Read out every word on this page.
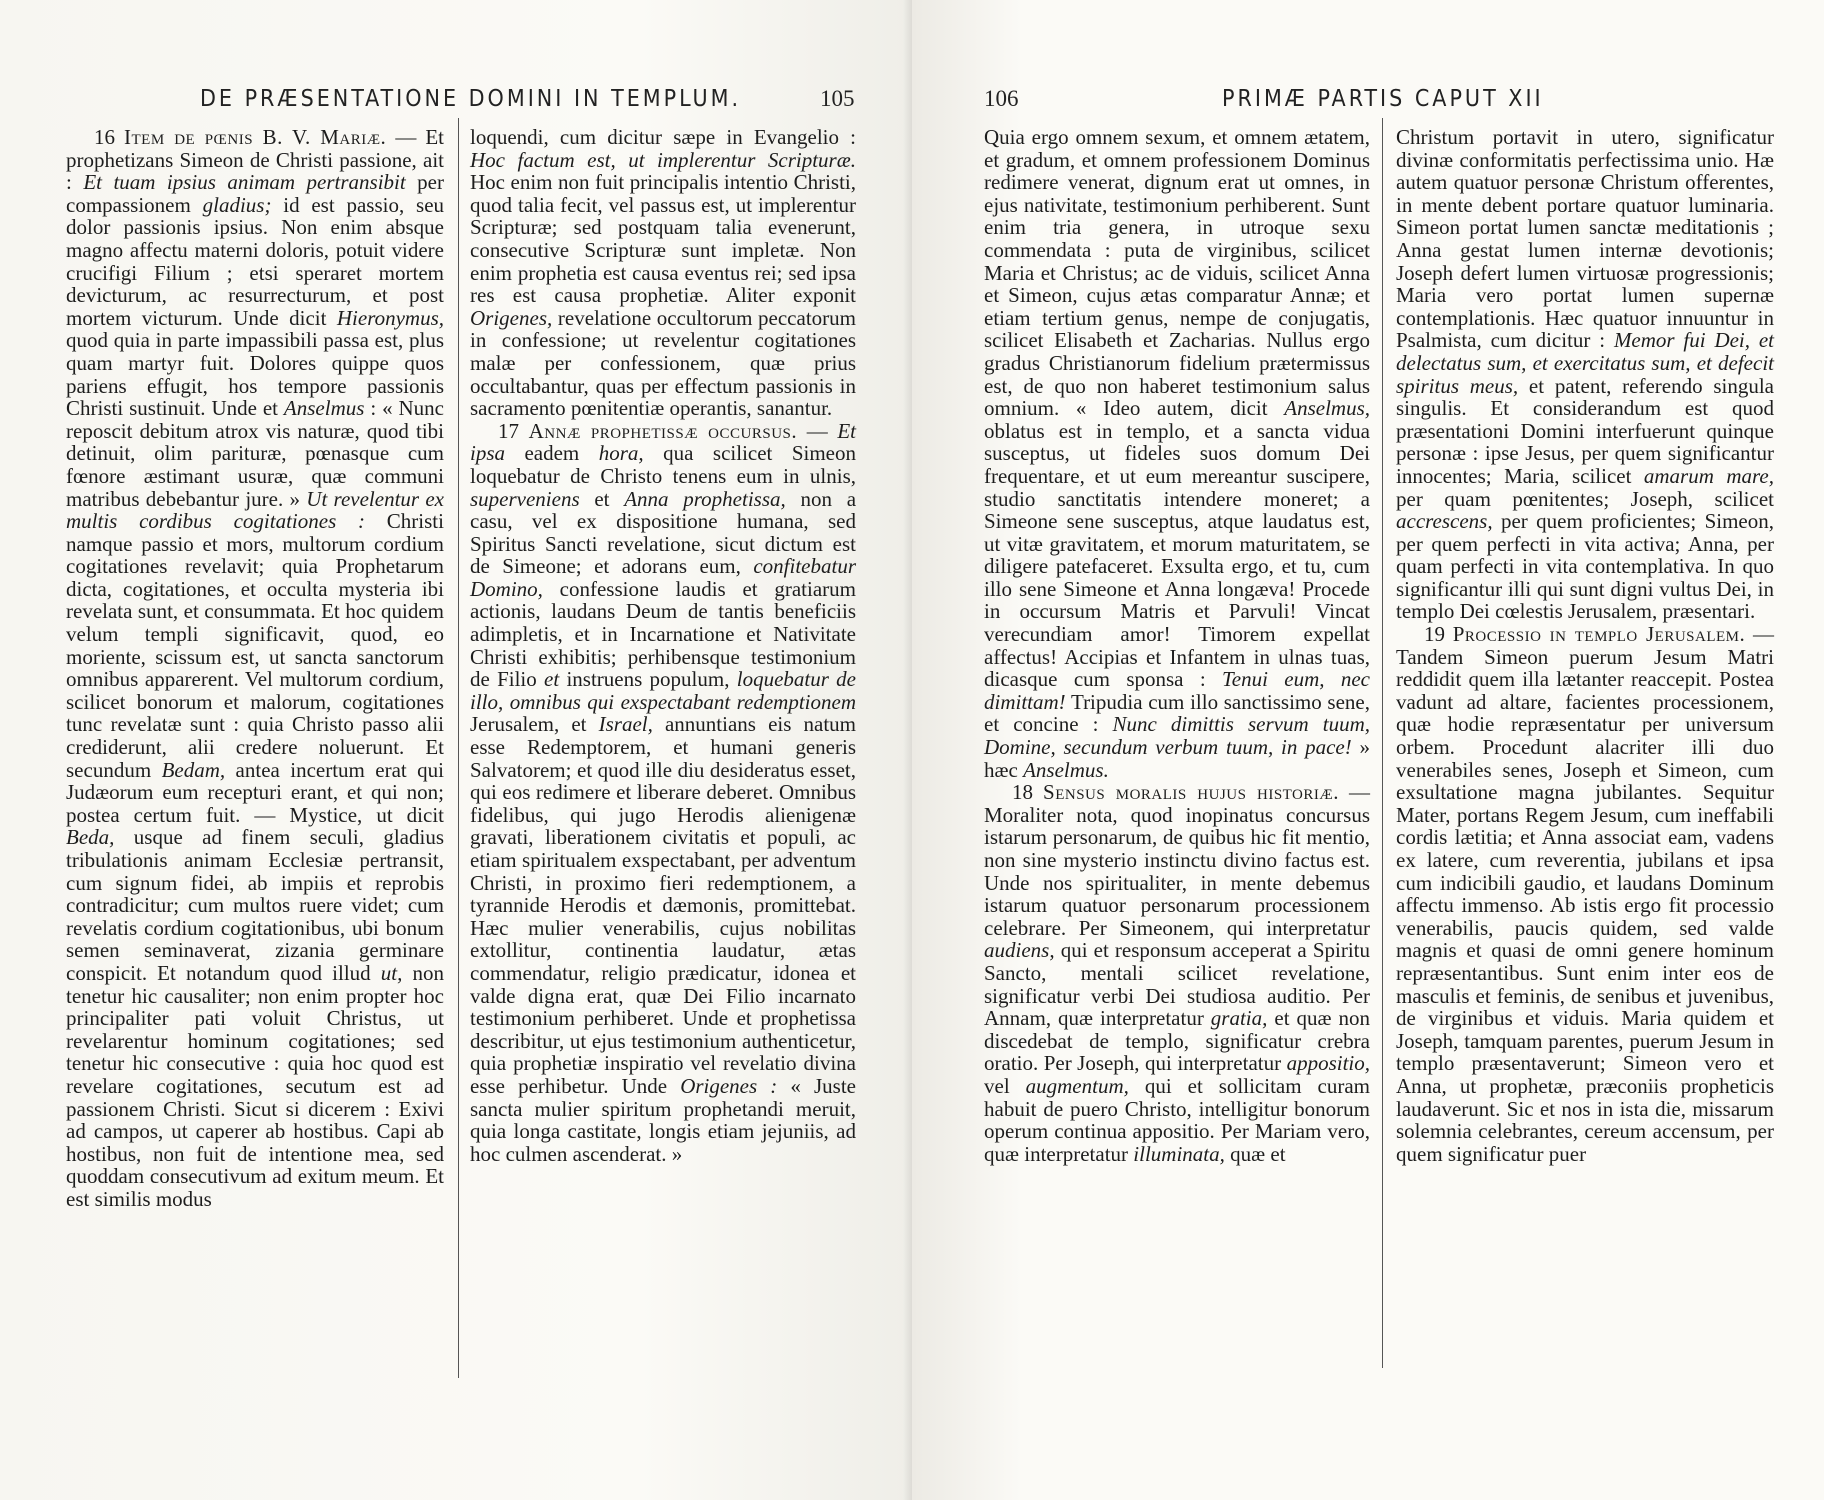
DE PRÆSENTATIONE DOMINI IN TEMPLUM.	105

16 Item de pœnis B. V. Mariæ. — Et prophetizans Simeon de Christi passione, ait : Et tuam ipsius animam pertransibit per compassionem gladius; id est passio, seu dolor passionis ipsius. Non enim absque magno affectu materni doloris, potuit videre crucifigi Filium ; etsi speraret mortem devicturum, ac resurrecturum, et post mortem victurum. Unde dicit Hieronymus, quod quia in parte impassibili passa est, plus quam martyr fuit. Dolores quippe quos pariens effugit, hos tempore passionis Christi sustinuit. Unde et Anselmus : « Nunc reposcit debitum atrox vis naturæ, quod tibi detinuit, olim parituræ, pœnasque cum fœnore æstimant usuræ, quæ communi matribus debebantur jure. » Ut revelentur ex multis cordibus cogitationes : Christi namque passio et mors, multorum cordium cogitationes revelavit; quia Prophetarum dicta, cogitationes, et occulta mysteria ibi revelata sunt, et consummata. Et hoc quidem velum templi significavit, quod, eo moriente, scissum est, ut sancta sanctorum omnibus apparerent. Vel multorum cordium, scilicet bonorum et malorum, cogitationes tunc revelatæ sunt : quia Christo passo alii crediderunt, alii credere noluerunt. Et secundum Bedam, antea incertum erat qui Judæorum eum recepturi erant, et qui non; postea certum fuit. — Mystice, ut dicit Beda, usque ad finem seculi, gladius tribulationis animam Ecclesiæ pertransit, cum signum fidei, ab impiis et reprobis contradicitur; cum multos ruere videt; cum revelatis cordium cogitationibus, ubi bonum semen seminaverat, zizania germinare conspicit. Et notandum quod illud ut, non tenetur hic causaliter; non enim propter hoc principaliter pati voluit Christus, ut revelarentur hominum cogitationes; sed tenetur hic consecutive : quia hoc quod est revelare cogitationes, secutum est ad passionem Christi. Sicut si dicerem : Exivi ad campos, ut caperer ab hostibus. Capi ab hostibus, non fuit de intentione mea, sed quoddam consecutivum ad exitum meum. Et est similis modus

loquendi, cum dicitur sæpe in Evangelio : Hoc factum est, ut implerentur Scripturæ. Hoc enim non fuit principalis intentio Christi, quod talia fecit, vel passus est, ut implerentur Scripturæ; sed postquam talia evenerunt, consecutive Scripturæ sunt impletæ. Non enim prophetia est causa eventus rei; sed ipsa res est causa prophetiæ. Aliter exponit Origenes, revelatione occultorum peccatorum in confessione; ut revelentur cogitationes malæ per confessionem, quæ prius occultabantur, quas per effectum passionis in sacramento pœnitentiæ operantis, sanantur.

17 Annæ prophetissæ occursus. — Et ipsa eadem hora, qua scilicet Simeon loquebatur de Christo tenens eum in ulnis, superveniens et Anna prophetissa, non a casu, vel ex dispositione humana, sed Spiritus Sancti revelatione, sicut dictum est de Simeone; et adorans eum, confitebatur Domino, confessione laudis et gratiarum actionis, laudans Deum de tantis beneficiis adimpletis, et in Incarnatione et Nativitate Christi exhibitis; perhibensque testimonium de Filio et instruens populum, loquebatur de illo, omnibus qui exspectabant redemptionem Jerusalem, et Israel, annuntians eis natum esse Redemptorem, et humani generis Salvatorem; et quod ille diu desideratus esset, qui eos redimere et liberare deberet. Omnibus fidelibus, qui jugo Herodis alienigenæ gravati, liberationem civitatis et populi, ac etiam spiritualem exspectabant, per adventum Christi, in proximo fieri redemptionem, a tyrannide Herodis et dæmonis, promittebat. Hæc mulier venerabilis, cujus nobilitas extollitur, continentia laudatur, ætas commendatur, religio prædicatur, idonea et valde digna erat, quæ Dei Filio incarnato testimonium perhiberet. Unde et prophetissa describitur, ut ejus testimonium authenticetur, quia prophetiæ inspiratio vel revelatio divina esse perhibetur. Unde Origenes : « Juste sancta mulier spiritum prophetandi meruit, quia longa castitate, longis etiam jejuniis, ad hoc culmen ascenderat. »

106	PRIMÆ PARTIS CAPUT XII

Quia ergo omnem sexum, et omnem ætatem, et gradum, et omnem professionem Dominus redimere venerat, dignum erat ut omnes, in ejus nativitate, testimonium perhiberent. Sunt enim tria genera, in utroque sexu commendata : puta de virginibus, scilicet Maria et Christus; ac de viduis, scilicet Anna et Simeon, cujus ætas comparatur Annæ; et etiam tertium genus, nempe de conjugatis, scilicet Elisabeth et Zacharias. Nullus ergo gradus Christianorum fidelium prætermissus est, de quo non haberet testimonium salus omnium. « Ideo autem, dicit Anselmus, oblatus est in templo, et a sancta vidua susceptus, ut fideles suos domum Dei frequentare, et ut eum mereantur suscipere, studio sanctitatis intendere moneret; a Simeone sene susceptus, atque laudatus est, ut vitæ gravitatem, et morum maturitatem, se diligere patefaceret. Exsulta ergo, et tu, cum illo sene Simeone et Anna longæva! Procede in occursum Matris et Parvuli! Vincat verecundiam amor! Timorem expellat affectus! Accipias et Infantem in ulnas tuas, dicasque cum sponsa : Tenui eum, nec dimittam! Tripudia cum illo sanctissimo sene, et concine : Nunc dimittis servum tuum, Domine, secundum verbum tuum, in pace! » hæc Anselmus.

18 Sensus moralis hujus historiæ. — Moraliter nota, quod inopinatus concursus istarum personarum, de quibus hic fit mentio, non sine mysterio instinctu divino factus est. Unde nos spiritualiter, in mente debemus istarum quatuor personarum processionem celebrare. Per Simeonem, qui interpretatur audiens, qui et responsum acceperat a Spiritu Sancto, mentali scilicet revelatione, significatur verbi Dei studiosa auditio. Per Annam, quæ interpretatur gratia, et quæ non discedebat de templo, significatur crebra oratio. Per Joseph, qui interpretatur appositio, vel augmentum, qui et sollicitam curam habuit de puero Christo, intelligitur bonorum operum continua appositio. Per Mariam vero, quæ interpretatur illuminata, quæ et

Christum portavit in utero, significatur divinæ conformitatis perfectissima unio. Hæ autem quatuor personæ Christum offerentes, in mente debent portare quatuor luminaria. Simeon portat lumen sanctæ meditationis ; Anna gestat lumen internæ devotionis; Joseph defert lumen virtuosæ progressionis; Maria vero portat lumen supernæ contemplationis. Hæc quatuor innuuntur in Psalmista, cum dicitur : Memor fui Dei, et delectatus sum, et exercitatus sum, et defecit spiritus meus, et patent, referendo singula singulis. Et considerandum est quod præsentationi Domini interfuerunt quinque personæ : ipse Jesus, per quem significantur innocentes; Maria, scilicet amarum mare, per quam pœnitentes; Joseph, scilicet accrescens, per quem proficientes; Simeon, per quem perfecti in vita activa; Anna, per quam perfecti in vita contemplativa. In quo significantur illi qui sunt digni vultus Dei, in templo Dei cœlestis Jerusalem, præsentari.

19 Processio in templo Jerusalem. — Tandem Simeon puerum Jesum Matri reddidit quem illa lætanter reaccepit. Postea vadunt ad altare, facientes processionem, quæ hodie repræsentatur per universum orbem. Procedunt alacriter illi duo venerabiles senes, Joseph et Simeon, cum exsultatione magna jubilantes. Sequitur Mater, portans Regem Jesum, cum ineffabili cordis lætitia; et Anna associat eam, vadens ex latere, cum reverentia, jubilans et ipsa cum indicibili gaudio, et laudans Dominum affectu immenso. Ab istis ergo fit processio venerabilis, paucis quidem, sed valde magnis et quasi de omni genere hominum repræsentantibus. Sunt enim inter eos de masculis et feminis, de senibus et juvenibus, de virginibus et viduis. Maria quidem et Joseph, tamquam parentes, puerum Jesum in templo præsentaverunt; Simeon vero et Anna, ut prophetæ, præconiis propheticis laudaverunt. Sic et nos in ista die, missarum solemnia celebrantes, cereum accensum, per quem significatur puer
